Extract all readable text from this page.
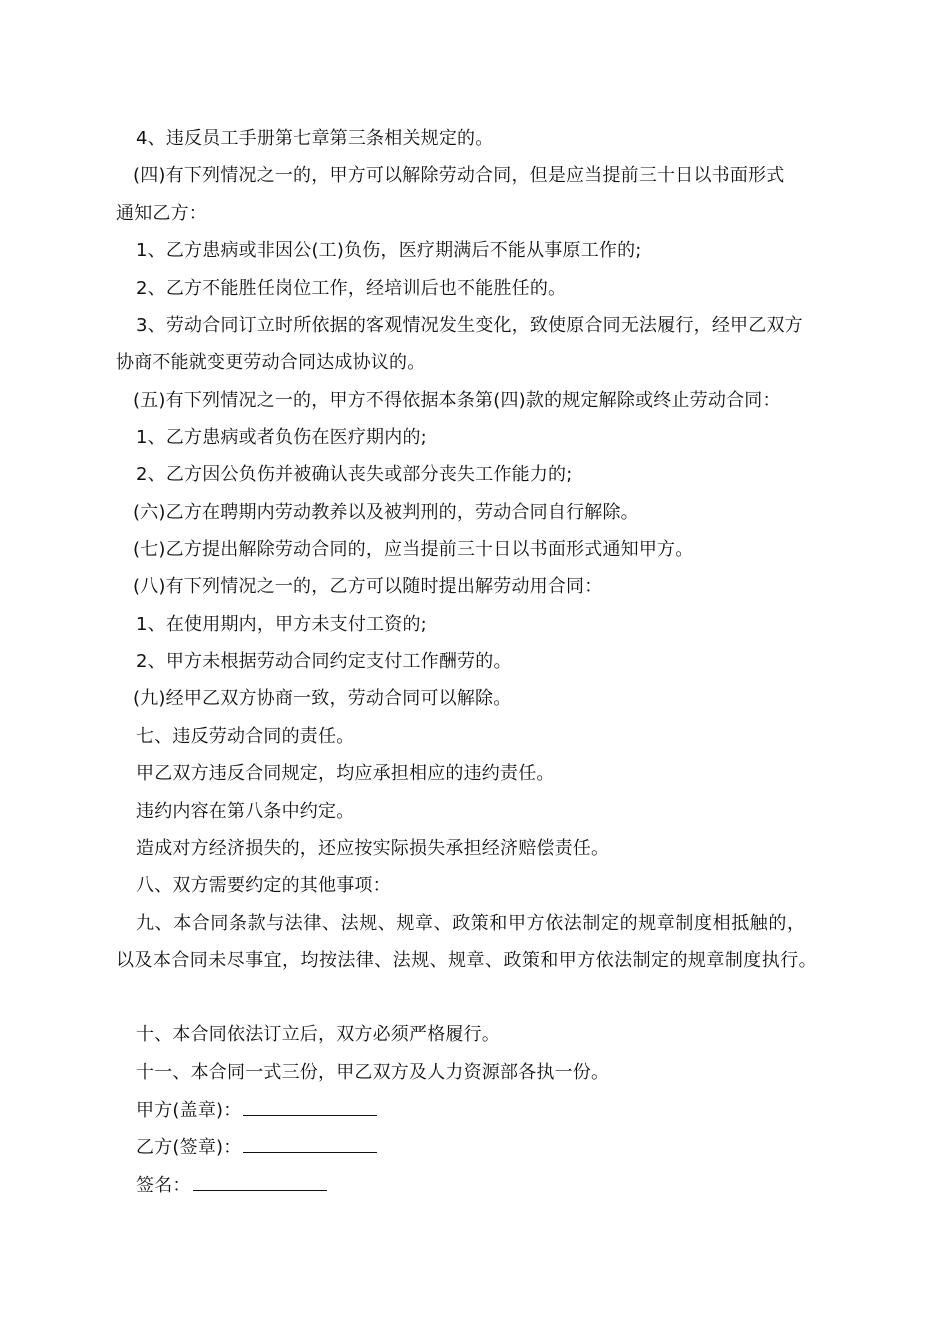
4、违反员工手册第七章第三条相关规定的。
(四)有下列情况之一的，甲方可以解除劳动合同，但是应当提前三十日以书面形式
通知乙方：
1、乙方患病或非因公(工)负伤，医疗期满后不能从事原工作的;
2、乙方不能胜任岗位工作，经培训后也不能胜任的。
3、劳动合同订立时所依据的客观情况发生变化，致使原合同无法履行，经甲乙双方
协商不能就变更劳动合同达成协议的。
(五)有下列情况之一的，甲方不得依据本条第(四)款的规定解除或终止劳动合同：
1、乙方患病或者负伤在医疗期内的;
2、乙方因公负伤并被确认丧失或部分丧失工作能力的;
(六)乙方在聘期内劳动教养以及被判刑的，劳动合同自行解除。
(七)乙方提出解除劳动合同的，应当提前三十日以书面形式通知甲方。
(八)有下列情况之一的，乙方可以随时提出解劳动用合同：
1、在使用期内，甲方未支付工资的;
2、甲方未根据劳动合同约定支付工作酬劳的。
(九)经甲乙双方协商一致，劳动合同可以解除。
七、违反劳动合同的责任。
甲乙双方违反合同规定，均应承担相应的违约责任。
违约内容在第八条中约定。
造成对方经济损失的，还应按实际损失承担经济赔偿责任。
八、双方需要约定的其他事项：
九、本合同条款与法律、法规、规章、政策和甲方依法制定的规章制度相抵触的，
以及本合同未尽事宜，均按法律、法规、规章、政策和甲方依法制定的规章制度执行。
十、本合同依法订立后，双方必须严格履行。
十一、本合同一式三份，甲乙双方及人力资源部各执一份。
甲方(盖章)：
乙方(签章)：
签名：
